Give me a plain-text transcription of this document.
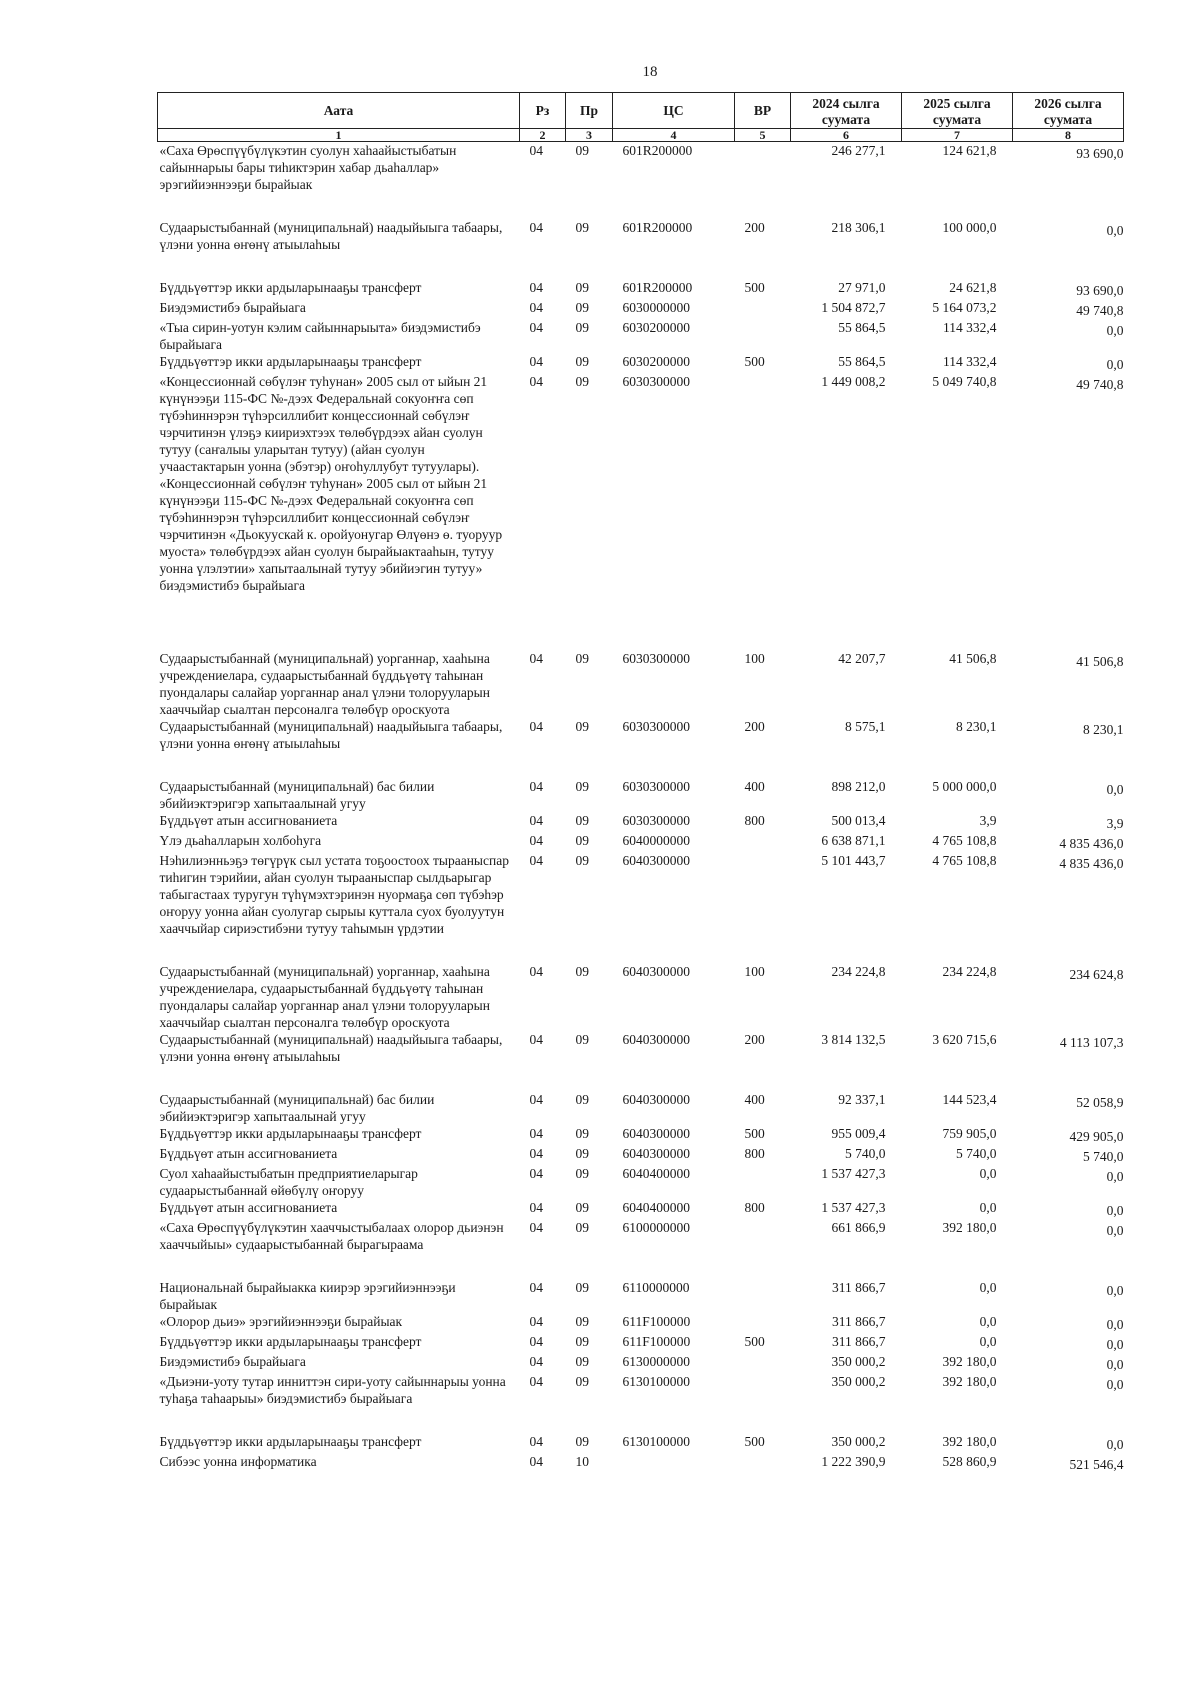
18
Аата	Рз	Пр	ЦС	ВР	2024 сылга суумата	2025 сылга суумата	2026 сылга суумата
1	2	3	4	5	6	7	8
«Саха Өрөспүүбүлүкэтин суолун хаһаайыстыбатын сайыннарыы бары тиһиктэрин хабар дьаһаллар» эрэгийиэннээҕи бырайыак	04	09	601R200000		246 277,1	124 621,8	93 690,0
Судаарыстыбаннай (муниципальнай) наадыйыыга табаары, үлэни уонна өҥөнү атыылаһыы	04	09	601R200000	200	218 306,1	100 000,0	0,0
Бүддьүөттэр икки ардыларынааҕы трансферт	04	09	601R200000	500	27 971,0	24 621,8	93 690,0
Биэдэмистибэ бырайыага	04	09	6030000000		1 504 872,7	5 164 073,2	49 740,8
«Тыа сирин-уотун кэлим сайыннарыыта» биэдэмистибэ бырайыага	04	09	6030200000		55 864,5	114 332,4	0,0
Бүддьүөттэр икки ардыларынааҕы трансферт	04	09	6030200000	500	55 864,5	114 332,4	0,0
«Концессионнай сөбүлэҥ туһунан» 2005 сыл от ыйын 21 күнүнээҕи 115-ФС №-дээх Федеральнай сокуоҥҥа сөп түбэһиннэрэн түһэрсиллибит концессионнай сөбүлэҥ чэрчитинэн үлэҕэ киириэхтээх төлөбүрдээх айан суолун тутуу (саҥалыы уларытан тутуу) (айан суолун учаастактарын уонна (эбэтэр) оҥоһуллубут тутуулары). «Концессионнай сөбүлэҥ туһунан» 2005 сыл от ыйын 21 күнүнээҕи 115-ФС №-дээх Федеральнай сокуоҥҥа сөп түбэһиннэрэн түһэрсиллибит концессионнай сөбүлэҥ чэрчитинэн «Дьокуускай к. оройуонугар Өлүөнэ ө. туоруур муоста» төлөбүрдээх айан суолун бырайыактааһын, тутуу уонна үлэлэтии» хапытаалынай тутуу эбийиэгин тутуу» биэдэмистибэ бырайыага	04	09	6030300000		1 449 008,2	5 049 740,8	49 740,8
Судаарыстыбаннай (муниципальнай) уорганнар, хааһына учреждениелара, судаарыстыбаннай бүддьүөтү таһынан пуондалары салайар уорганнар анал үлэни толорууларын хааччыйар сыалтан персоналга төлөбүр ороскуота	04	09	6030300000	100	42 207,7	41 506,8	41 506,8
Судаарыстыбаннай (муниципальнай) наадыйыыга табаары, үлэни уонна өҥөнү атыылаһыы	04	09	6030300000	200	8 575,1	8 230,1	8 230,1
Судаарыстыбаннай (муниципальнай) бас билии эбийиэктэригэр хапытаалынай угуу	04	09	6030300000	400	898 212,0	5 000 000,0	0,0
Бүддьүөт атын ассигнованиета	04	09	6030300000	800	500 013,4	3,9	3,9
Үлэ дьаһалларын холбоһуга	04	09	6040000000		6 638 871,1	4 765 108,8	4 835 436,0
Нэһилиэнньэҕэ төгүрүк сыл устата тоҕоостоох тырааныспар тиһигин тэрийии, айан суолун тырааныспар сылдьарыгар табыгастаах туругун түһүмэхтэринэн нуормаҕа сөп түбэһэр оҥоруу уонна айан суолугар сырыы куттала суох буолуутун хааччыйар сириэстибэни тутуу таһымын үрдэтии	04	09	6040300000		5 101 443,7	4 765 108,8	4 835 436,0
Судаарыстыбаннай (муниципальнай) уорганнар, хааһына учреждениелара, судаарыстыбаннай бүддьүөтү таһынан пуондалары салайар уорганнар анал үлэни толорууларын хааччыйар сыалтан персоналга төлөбүр ороскуота	04	09	6040300000	100	234 224,8	234 224,8	234 624,8
Судаарыстыбаннай (муниципальнай) наадыйыыга табаары, үлэни уонна өҥөнү атыылаһыы	04	09	6040300000	200	3 814 132,5	3 620 715,6	4 113 107,3
Судаарыстыбаннай (муниципальнай) бас билии эбийиэктэригэр хапытаалынай угуу	04	09	6040300000	400	92 337,1	144 523,4	52 058,9
Бүддьүөттэр икки ардыларынааҕы трансферт	04	09	6040300000	500	955 009,4	759 905,0	429 905,0
Бүддьүөт атын ассигнованиета	04	09	6040300000	800	5 740,0	5 740,0	5 740,0
Суол хаһаайыстыбатын предприятиеларыгар судаарыстыбаннай өйөбүлү оҥоруу	04	09	6040400000		1 537 427,3	0,0	0,0
Бүддьүөт атын ассигнованиета	04	09	6040400000	800	1 537 427,3	0,0	0,0
«Саха Өрөспүүбүлүкэтин хааччыстыбалаах олорор дьиэнэн хааччыйыы» судаарыстыбаннай бырагыраама	04	09	6100000000		661 866,9	392 180,0	0,0
Национальнай бырайыакка киирэр эрэгийиэннээҕи бырайыак	04	09	6110000000		311 866,7	0,0	0,0
«Олорор дьиэ» эрэгийиэннээҕи бырайыак	04	09	611F100000		311 866,7	0,0	0,0
Бүддьүөттэр икки ардыларынааҕы трансферт	04	09	611F100000	500	311 866,7	0,0	0,0
Биэдэмистибэ бырайыага	04	09	6130000000		350 000,2	392 180,0	0,0
«Дьиэни-уоту тутар инниттэн сири-уоту сайыннарыы уонна туһаҕа таһаарыы» биэдэмистибэ бырайыага	04	09	6130100000		350 000,2	392 180,0	0,0
Бүддьүөттэр икки ардыларынааҕы трансферт	04	09	6130100000	500	350 000,2	392 180,0	0,0
Сибээс уонна информатика	04	10			1 222 390,9	528 860,9	521 546,4
